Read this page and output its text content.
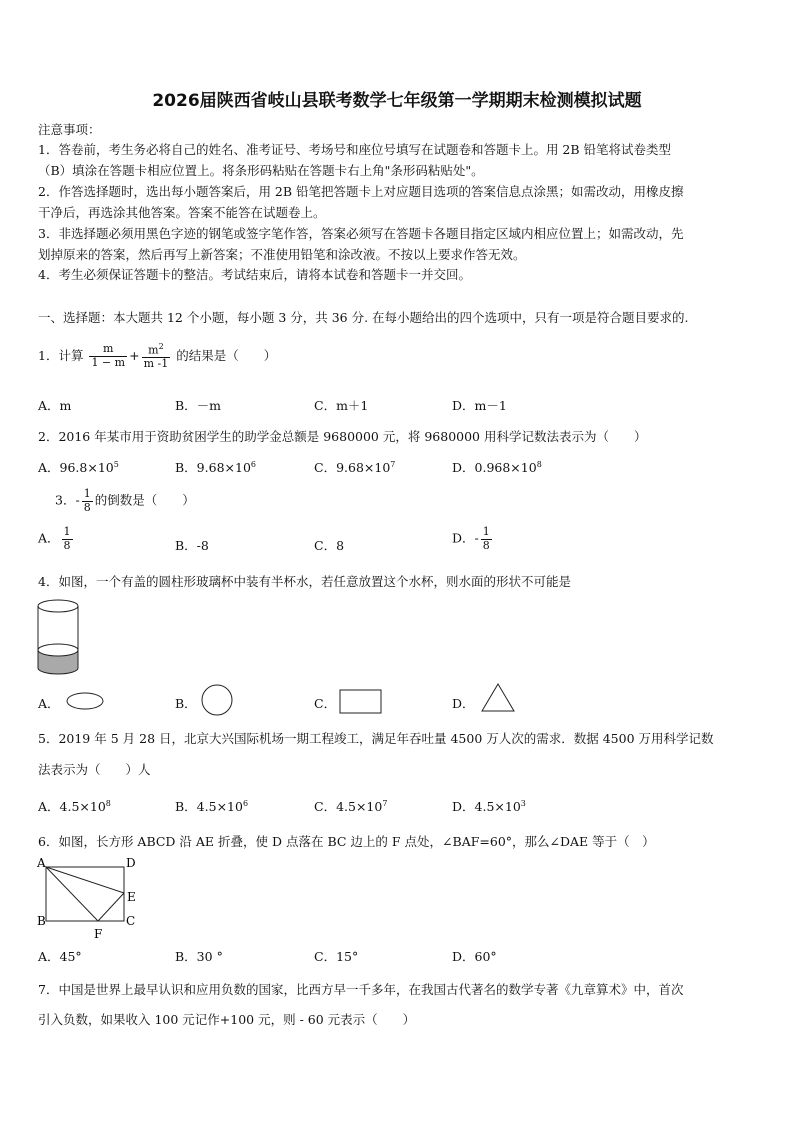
2026届陕西省岐山县联考数学七年级第一学期期末检测模拟试题
注意事项：
1．答卷前，考生务必将自己的姓名、准考证号、考场号和座位号填写在试题卷和答题卡上。用 2B 铅笔将试卷类型
（B）填涂在答题卡相应位置上。将条形码粘贴在答题卡右上角"条形码粘贴处"。
2．作答选择题时，选出每小题答案后，用 2B 铅笔把答题卡上对应题目选项的答案信息点涂黑；如需改动，用橡皮擦
干净后，再选涂其他答案。答案不能答在试题卷上。
3．非选择题必须用黑色字迹的钢笔或签字笔作答，答案必须写在答题卡各题目指定区域内相应位置上；如需改动，先
划掉原来的答案，然后再写上新答案；不准使用铅笔和涂改液。不按以上要求作答无效。
4．考生必须保证答题卡的整洁。考试结束后，请将本试卷和答题卡一并交回。
一、选择题：本大题共 12 个小题，每小题 3 分，共 36 分. 在每小题给出的四个选项中，只有一项是符合题目要求的.
1．计算 $\frac{m}{1 - m} + \frac{m^2}{m -1}$ 的结果是（　　）
A．m	B．－m	C．m＋1	D．m－1
2．2016 年某市用于资助贫困学生的助学金总额是 9680000 元，将 9680000 用科学记数法表示为（　　）
A．$96.8\times 10^5$	B．$9.68\times 10^6$	C．$9.68\times 10^7$	D．$0.968\times 10^8$
3．- $\frac{1}{8}$ 的倒数是（　　）
A． $\frac{1}{8}$	B．-8	C．8	D．- $\frac{1}{8}$
4．如图，一个有盖的圆柱形玻璃杯中装有半杯水，若任意放置这个水杯，则水面的形状不可能是
A．	B．	C．	D．
5．2019 年 5 月 28 日，北京大兴国际机场一期工程竣工，满足年吞吐量 4500 万人次的需求．数据 4500 万用科学记数
法表示为（　　）人
A．$4.5\times 10^8$	B．$4.5\times 10^6$	C．$4.5\times 10^7$	D．$4.5\times 10^3$
6．如图，长方形 ABCD 沿 AE 折叠，使 D 点落在 BC 边上的 F 点处，∠BAF=60°，那么∠DAE 等于（　）
A	D
B	C
E
F
A．45°	B．30 °	C．15°	D．60°
7．中国是世界上最早认识和应用负数的国家，比西方早一千多年，在我国古代著名的数学专著《九章算术》中，首次
引入负数，如果收入 100 元记作+100 元，则 - 60 元表示（　　）
